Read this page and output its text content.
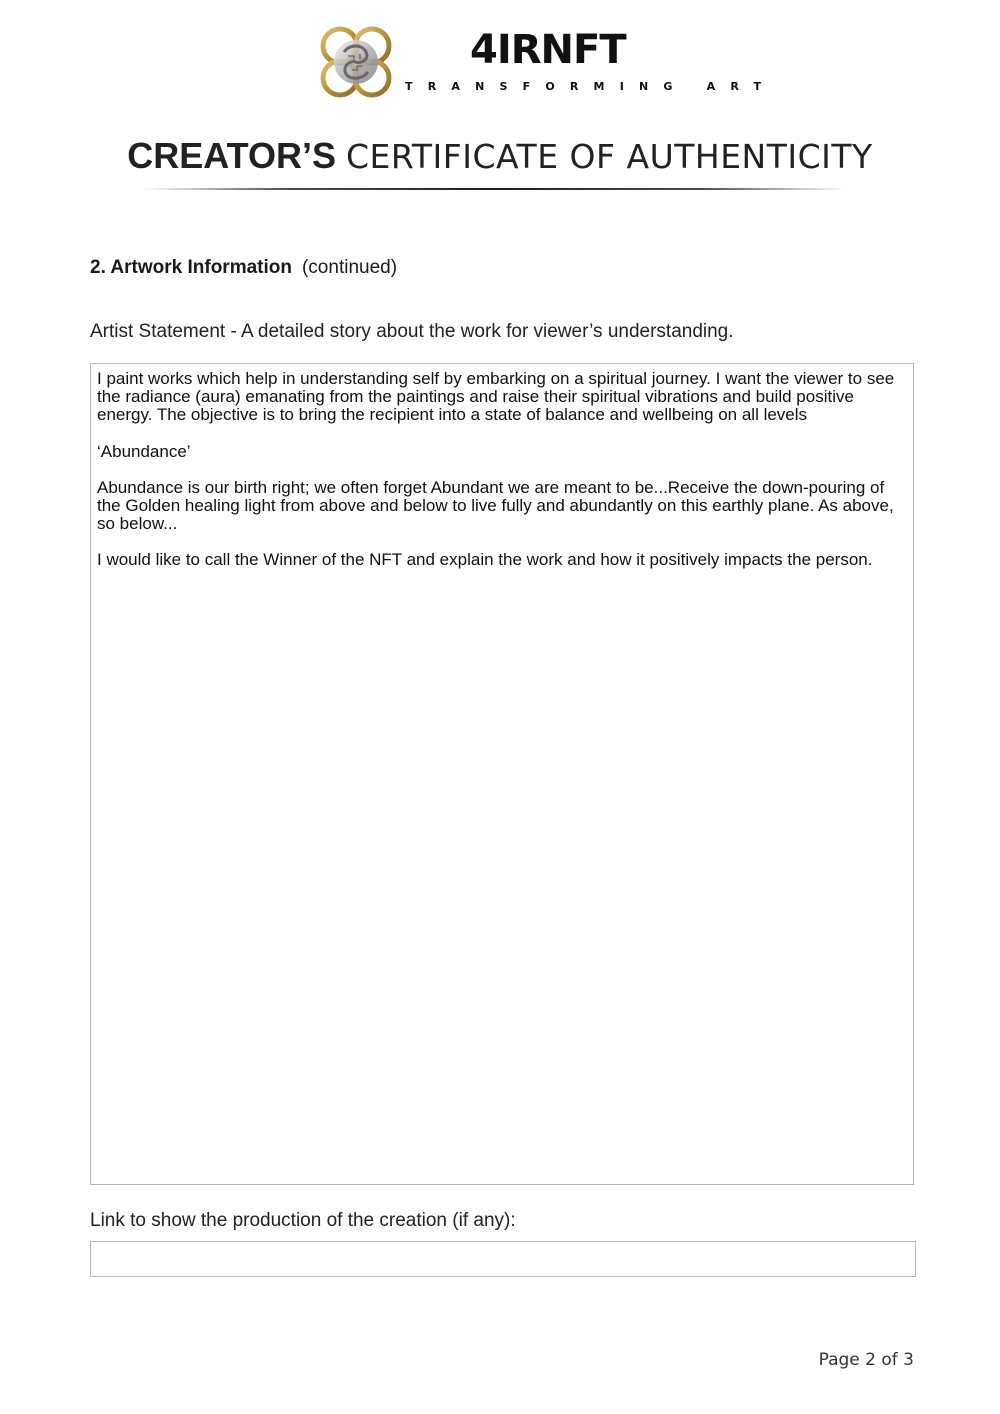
4IRNFT
TRANSFORMING ART
CREATOR’S CERTIFICATE OF AUTHENTICITY
2. Artwork Information (continued)
Artist Statement - A detailed story about the work for viewer’s understanding.

I paint works which help in understanding self by embarking on a spiritual journey. I want the viewer to see the radiance (aura) emanating from the paintings and raise their spiritual vibrations and build positive energy. The objective is to bring the recipient into a state of balance and wellbeing on all levels

‘Abundance’

Abundance is our birth right; we often forget Abundant we are meant to be...Receive the down-pouring of the Golden healing light from above and below to live fully and abundantly on this earthly plane. As above, so below...

I would like to call the Winner of the NFT and explain the work and how it positively impacts the person.

Link to show the production of the creation (if any):
Page 2 of 3
